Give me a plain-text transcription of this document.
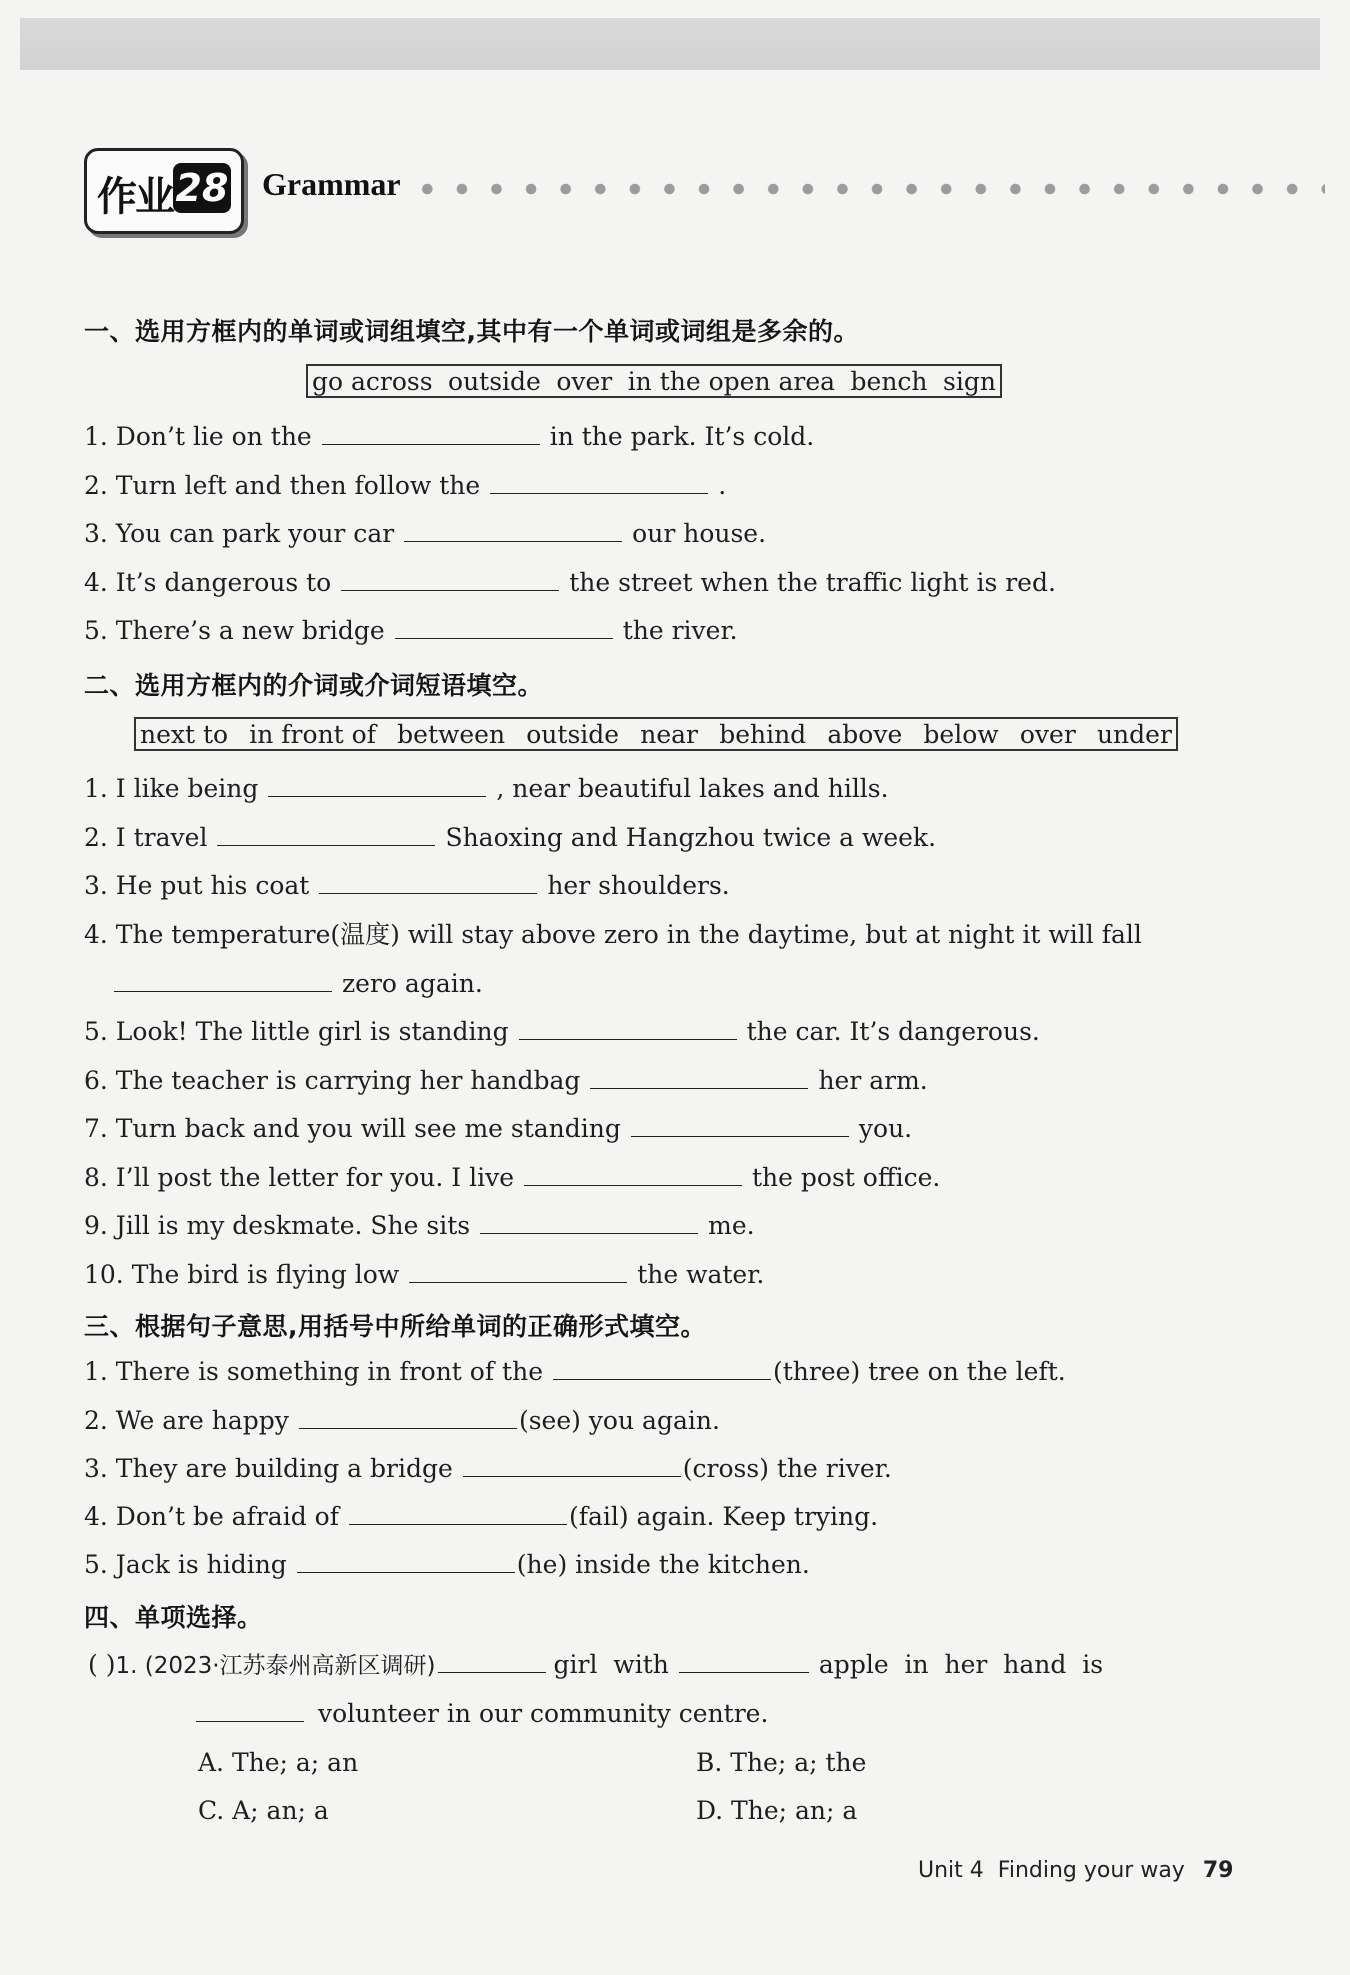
作业 28 Grammar
一、选用方框内的单词或词组填空,其中有一个单词或词组是多余的。
go across outside over in the open area bench sign
1. Don’t lie on the	in the park. It’s cold.
2. Turn left and then follow the	.
3. You can park your car	our house.
4. It’s dangerous to	the street when the traffic light is red.
5. There’s a new bridge	the river.
二、选用方框内的介词或介词短语填空。
next to in front of between outside near behind above below over under
1. I like being	, near beautiful lakes and hills.
2. I travel	Shaoxing and Hangzhou twice a week.
3. He put his coat	her shoulders.
4. The temperature(温度) will stay above zero in the daytime, but at night it will fall
zero again.
5. Look! The little girl is standing	the car. It’s dangerous.
6. The teacher is carrying her handbag	her arm.
7. Turn back and you will see me standing	you.
8. I’ll post the letter for you. I live	the post office.
9. Jill is my deskmate. She sits	me.
10. The bird is flying low	the water.
三、根据句子意思,用括号中所给单词的正确形式填空。
1. There is something in front of the	(three) tree on the left.
2. We are happy	(see) you again.
3. They are building a bridge	(cross) the river.
4. Don’t be afraid of	(fail) again. Keep trying.
5. Jack is hiding	(he) inside the kitchen.
四、单项选择。
( )1. (2023·江苏泰州高新区调研)	girl  with	apple  in  her  hand  is
volunteer in our community centre.
A. The; a; an	B. The; a; the
C. A; an; a	D. The; an; a
Unit 4 Finding your way 79
